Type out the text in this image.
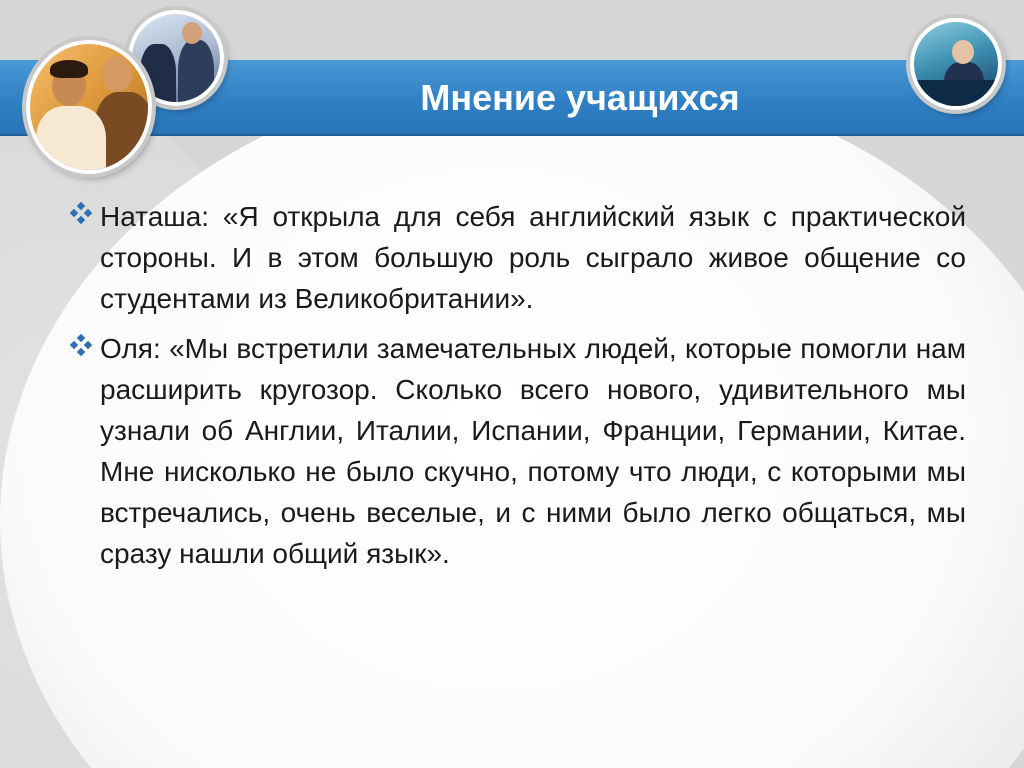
Мнение учащихся
Наташа: «Я открыла для себя английский язык с практической стороны. И в этом большую роль сыграло живое общение со студентами из Великобритании».
Оля: «Мы встретили замечательных людей, которые помогли нам расширить кругозор. Сколько всего нового, удивительного мы узнали об Англии, Италии, Испании, Франции, Германии, Китае. Мне нисколько не было скучно, потому что люди, с которыми мы встречались, очень веселые, и с ними было легко общаться, мы сразу нашли общий язык».
